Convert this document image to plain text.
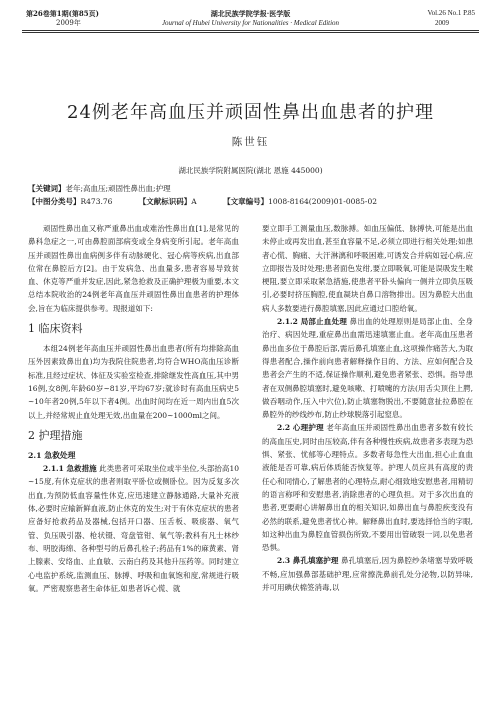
第26卷第1期(第85页)
2009年
湖北民族学院学报·医学版
Journal of Hubei University for Nationalities · Medical Edition
Vol.26 No.1 P.85
2009
24例老年高血压并顽固性鼻出血患者的护理
陈世钰
湖北民族学院附属医院(湖北 恩施 445000)
【关键词】老年;高血压;顽固性鼻出血;护理
【中图分类号】R473.76	【文献标识码】A	【文章编号】1008-8164(2009)01-0085-02

顽固性鼻出血又称严重鼻出血或难治性鼻出血[1],是常见的鼻科急症之一,可由鼻腔面部病变或全身病变所引起。老年高血压并顽固性鼻出血病例多伴有动脉硬化、冠心病等疾病,出血部位常在鼻腔后方[2]。由于发病急、出血量多,患者容易导致贫血、休克等严重并发症,因此,紧急抢救及正确护理极为重要,本文总结本院收治的24例老年高血压并顽固性鼻出血患者的护理体会,旨在为临床提供参考。现报道如下:

1 临床资料

本组24例老年高血压并顽固性鼻出血患者(所有均排除高血压外因素致鼻出血)均为我院住院患者,均符合WHO高血压诊断标准,且经过症状、体征及实验室检查,排除继发性高血压,其中男16例,女8例,年龄60岁~81岁,平均67岁;就诊时有高血压病史5~10年者20例,5年以下者4例。出血时间均在近一周内出血5次以上,并经常规止血处理无效,出血量在200~1000ml之间。

2 护理措施
2.1 急救处理

2.1.1 急救措施 此类患者可采取坐位或半坐位,头部抬高10~15度,有休克症状的患者则取平卧位或侧卧位。因为反复多次出血,为预防低血容量性休克,应迅速建立静脉通路,大量补充液体,必要时应输新鲜血液,防止休克的发生;对于有休克症状的患者应备好抢救药品及器械,包括开口器、压舌板、吸痰器、氧气管、负压吸引器、枪状镊、弯盘管钳、氧气等;教科有凡士林纱布、明胶海绵、各种型号的后鼻孔栓子;药品有1%的麻黄素、肾上腺素、安络血、止血敏、云南白药及其他升压药等。同时建立心电监护系统,监测血压、脉搏、呼吸和血氧饱和度,常规进行吸氧。严密观察患者生命体征,如患者诉心慌、就

要立即手工测量血压,数脉搏。如血压偏低、脉搏快,可能是出血未停止或再发出血,甚至血容量不足,必须立即进行相关处理;如患者心慌、胸痛、大汗淋漓和呼吸困难,可诱发合并病如冠心病,应立即报告及时处理;患者面色发绀,要立即吸氧,可能是误吸发生喉梗阻,要立即采取紧急措施,使患者平卧头偏向一侧并立即负压吸引,必要时挤压胸腔,使血凝块自鼻口溶物排出。因为鼻腔大出血病人多数要进行鼻腔填塞,因此应通过口腔给氧。

2.1.2 局部止血处理 鼻出血的处理原则是局部止血、全身治疗、病因处理,重症鼻出血需迅速填塞止血。老年高血压患者鼻出血多位于鼻腔后部,需后鼻孔填塞止血,这项操作痛苦大,为取得患者配合,操作前向患者解释操作目的、方法、应如何配合及患者会产生的不适,保证操作顺利,避免患者紧张、恐惧。指导患者在双侧鼻腔填塞时,避免咳嗽、打喷嚏的方法(用舌尖顶住上腭,做吞咽动作,压入中穴位),防止填塞物脱出,不要随意扯拉鼻腔在鼻腔外的纱线纱布,防止纱球脱落引起窒息。

2.2 心理护理 老年高血压并顽固性鼻出血患者多数有较长的高血压史,同时由压较高,伴有各种慢性疾病,故患者多表现为恐惧、紧张、忧郁等心理特点。多数者每急性大出血,担心止血血液能是否可靠,病后体质能否恢复等。护理人员应具有高度的责任心和同情心,了解患者的心理特点,耐心细致地安慰患者,用精切的语言称呼和安慰患者,消除患者的心理负担。对于多次出血的患者,更要耐心讲解鼻出血的相关知识,如鼻出血与鼻腔疾变没有必然的联系,避免患者忧心神。解释鼻出血时,要选择恰当的字眼,如这种出血为鼻腔血管损伤所致,不要用出管破裂一词,以免患者恐惧。

2.3 鼻孔填塞护理 鼻孔填塞后,因为鼻腔纱条堵塞导致呼吸不畅,应加强鼻部基础护理,应常擦洗鼻前孔处分泌物,以防异味,并可用碘伏棉签消毒,以
